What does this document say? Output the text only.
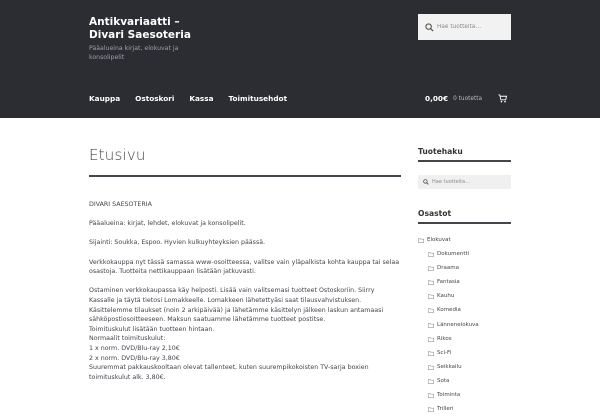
Antikvariaatti – Divari Saesoteria
Pääalueina kirjat, elokuvat ja konsolipelit
Hae tuotteita…
Kauppa Ostoskori Kassa Toimitusehdot	0,00€ 0 tuotetta
Etusivu

DIVARI SAESOTERIA

Pääalueina: kirjat, lehdet, elokuvat ja konsolipelit.

Sijainti: Soukka, Espoo. Hyvien kulkuyhteyksien päässä.

Verkkokauppa nyt tässä samassa www-osoitteessa, valitse vain yläpalkista kohta kauppa tai selaa osastoja. Tuotteita nettikauppaan lisätään jatkuvasti.

Ostaminen verkkokaupassa käy helposti. Lisää vain valitsemasi tuotteet Ostoskoriin. Siirry Kassalle ja täytä tietosi Lomakkeelle. Lomakkeen lähetettyäsi saat tilausvahvistuksen. Käsittelemme tilaukset (noin 2 arkipäivää) ja lähetämme käsittelyn jälkeen laskun antamaasi sähköpostiosoitteeseen. Maksun saatuamme lähetämme tuotteet postitse.

Toimituskulut lisätään tuotteen hintaan.

Normaalit toimituskulut:

1 x norm. DVD/Blu-ray 2,10€

2 x norm. DVD/Blu-ray 3,80€

Suuremmat pakkauskooltaan olevat tallenteet, kuten suurempikokoisten TV-sarja boxien toimituskulut alk. 3,80€.

Tuotehaku
Hae tuotteita…
Osastot
Elokuvat
Dokumentti
Draama
Fantasia
Kauhu
Komedia
Lännenelokuva
Rikos
Sci-Fi
Seikkailu
Sota
Toiminta
Trilleri
